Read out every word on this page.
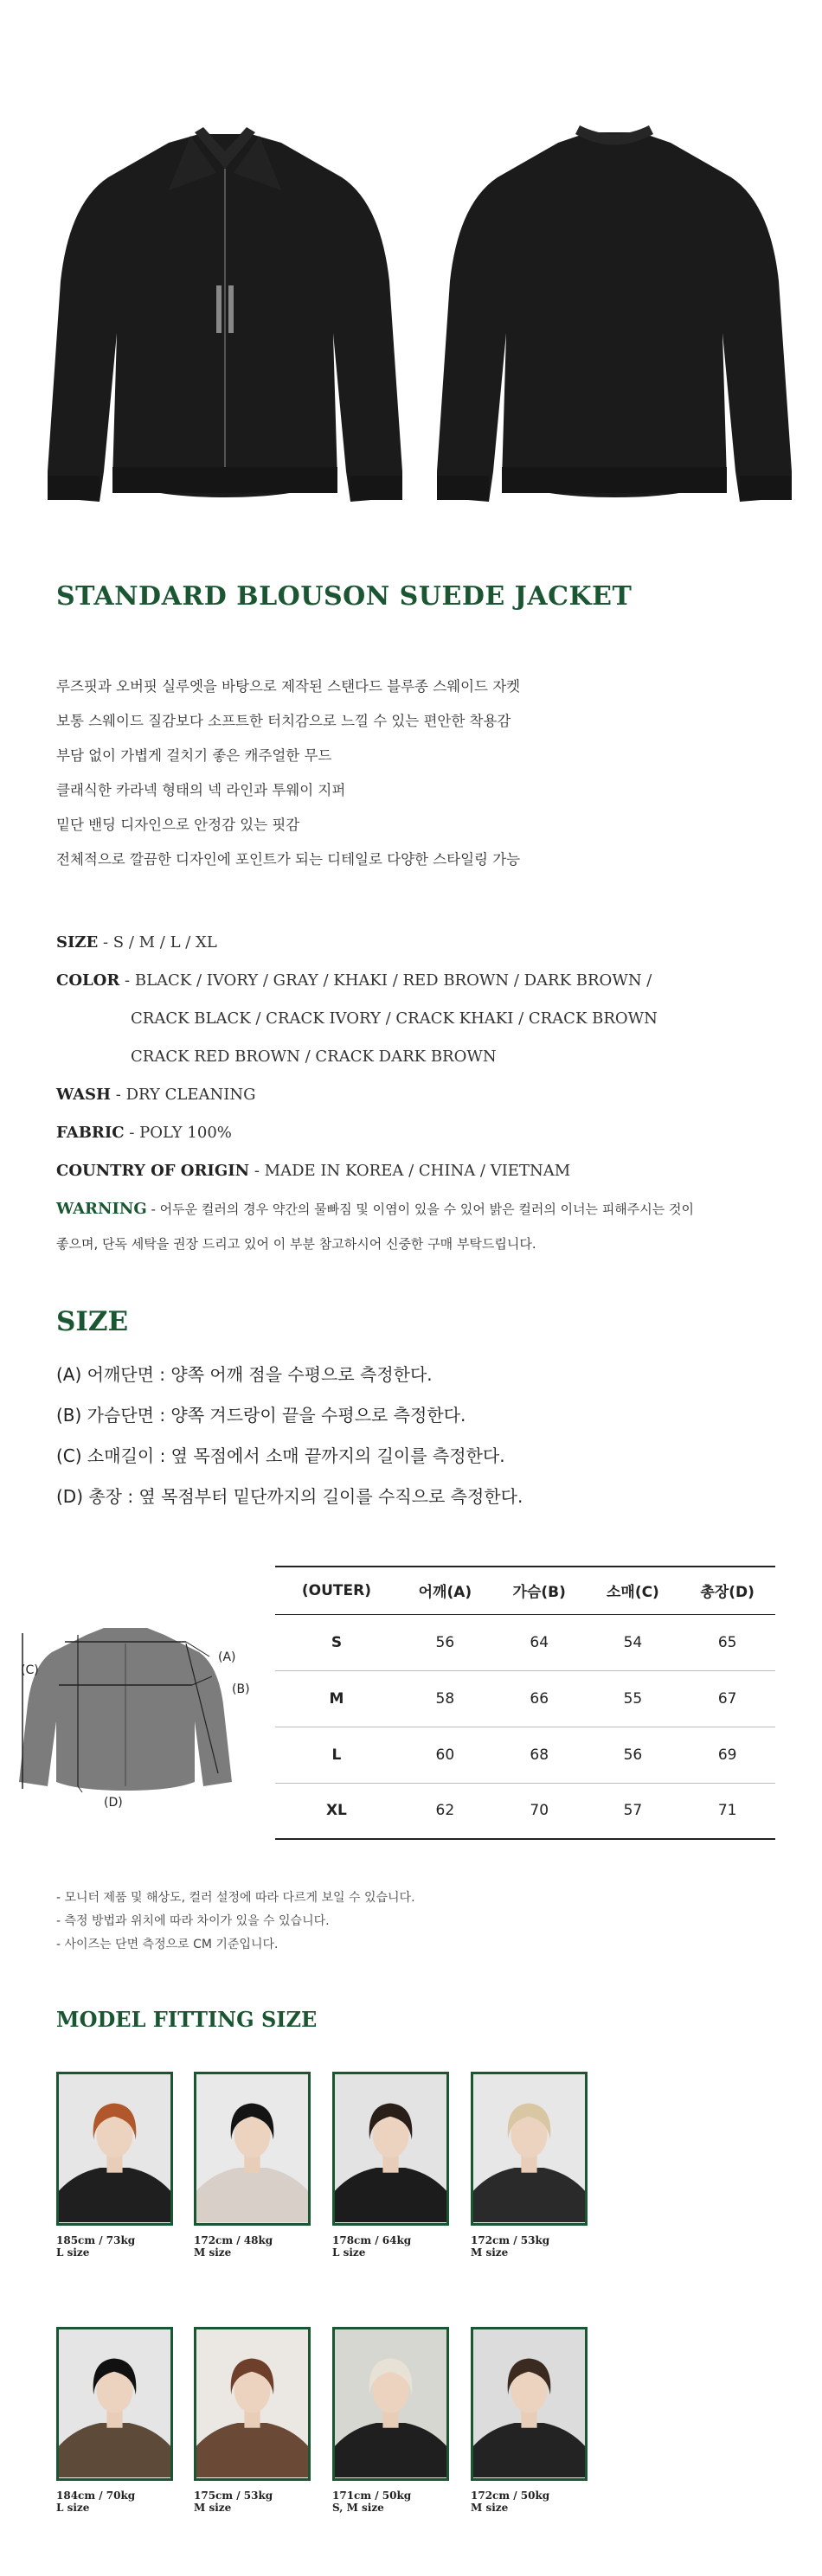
STANDARD BLOUSON SUEDE JACKET
루즈핏과 오버핏 실루엣을 바탕으로 제작된 스탠다드 블루종 스웨이드 자켓
보통 스웨이드 질감보다 소프트한 터치감으로 느낄 수 있는 편안한 착용감
부담 없이 가볍게 걸치기 좋은 캐주얼한 무드
클래식한 카라넥 형태의 넥 라인과 투웨이 지퍼
밑단 밴딩 디자인으로 안정감 있는 핏감
전체적으로 깔끔한 디자인에 포인트가 되는 디테일로 다양한 스타일링 가능
SIZE - S / M / L / XL
COLOR - BLACK / IVORY / GRAY / KHAKI / RED BROWN / DARK BROWN /
CRACK BLACK / CRACK IVORY / CRACK KHAKI / CRACK BROWN
CRACK RED BROWN / CRACK DARK BROWN
WASH - DRY CLEANING
FABRIC - POLY 100%
COUNTRY OF ORIGIN - MADE IN KOREA / CHINA / VIETNAM
WARNING - 어두운 컬러의 경우 약간의 물빠짐 및 이염이 있을 수 있어 밝은 컬러의 이너는 피해주시는 것이
좋으며, 단독 세탁을 권장 드리고 있어 이 부분 참고하시어 신중한 구매 부탁드립니다.
SIZE
(A) 어깨단면 : 양쪽 어깨 점을 수평으로 측정한다.
(B) 가슴단면 : 양쪽 겨드랑이 끝을 수평으로 측정한다.
(C) 소매길이 : 옆 목점에서 소매 끝까지의 길이를 측정한다.
(D) 총장 : 옆 목점부터 밑단까지의 길이를 수직으로 측정한다.
(C)
(A)
(B)
(D)
(OUTER)	어깨(A)	가슴(B)	소매(C)	총장(D)
S	56	64	54	65
M	58	66	55	67
L	60	68	56	69
XL	62	70	57	71
- 모니터 제품 및 해상도, 컬러 설정에 따라 다르게 보일 수 있습니다.
- 측정 방법과 위치에 따라 차이가 있을 수 있습니다.
- 사이즈는 단면 측정으로 CM 기준입니다.
MODEL FITTING SIZE
185cm / 73kg
L size
172cm / 48kg
M size
178cm / 64kg
L size
172cm / 53kg
M size
184cm / 70kg
L size
175cm / 53kg
M size
171cm / 50kg
S, M size
172cm / 50kg
M size
